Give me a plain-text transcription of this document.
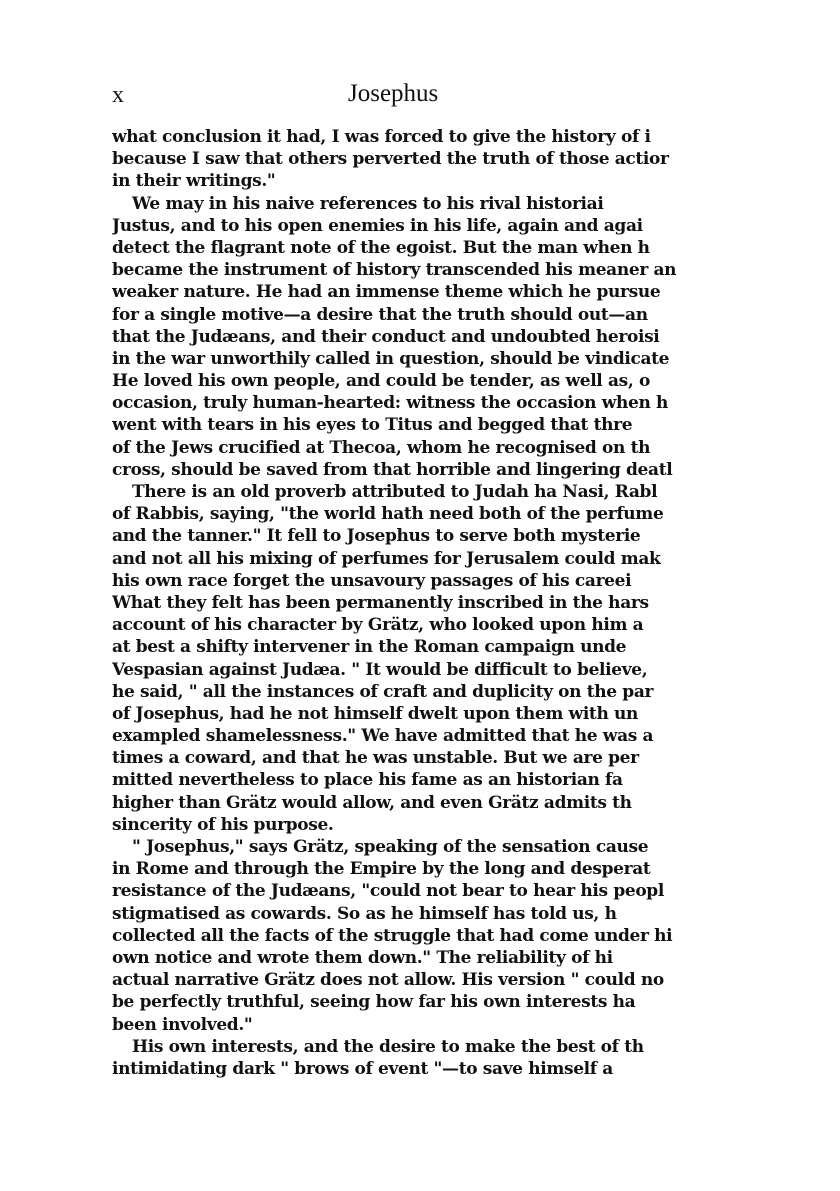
x	Josephus
what conclusion it had, I was forced to give the history of i
because I saw that others perverted the truth of those actior
in their writings."
We may in his naive references to his rival historiai
Justus, and to his open enemies in his life, again and agai
detect the flagrant note of the egoist. But the man when h
became the instrument of history transcended his meaner an
weaker nature. He had an immense theme which he pursue
for a single motive—a desire that the truth should out—an
that the Judæans, and their conduct and undoubted heroisi
in the war unworthily called in question, should be vindicate
He loved his own people, and could be tender, as well as, o
occasion, truly human-hearted: witness the occasion when h
went with tears in his eyes to Titus and begged that thre
of the Jews crucified at Thecoa, whom he recognised on th
cross, should be saved from that horrible and lingering deatl
There is an old proverb attributed to Judah ha Nasi, Rabl
of Rabbis, saying, "the world hath need both of the perfume
and the tanner." It fell to Josephus to serve both mysterie
and not all his mixing of perfumes for Jerusalem could mak
his own race forget the unsavoury passages of his careei
What they felt has been permanently inscribed in the hars
account of his character by Grätz, who looked upon him a
at best a shifty intervener in the Roman campaign unde
Vespasian against Judæa. " It would be difficult to believe,
he said, " all the instances of craft and duplicity on the par
of Josephus, had he not himself dwelt upon them with un
exampled shamelessness." We have admitted that he was a
times a coward, and that he was unstable. But we are per
mitted nevertheless to place his fame as an historian fa
higher than Grätz would allow, and even Grätz admits th
sincerity of his purpose.
" Josephus," says Grätz, speaking of the sensation cause
in Rome and through the Empire by the long and desperat
resistance of the Judæans, "could not bear to hear his peopl
stigmatised as cowards. So as he himself has told us, h
collected all the facts of the struggle that had come under hi
own notice and wrote them down." The reliability of hi
actual narrative Grätz does not allow. His version " could no
be perfectly truthful, seeing how far his own interests ha
been involved."
His own interests, and the desire to make the best of th
intimidating dark " brows of event "—to save himself a
